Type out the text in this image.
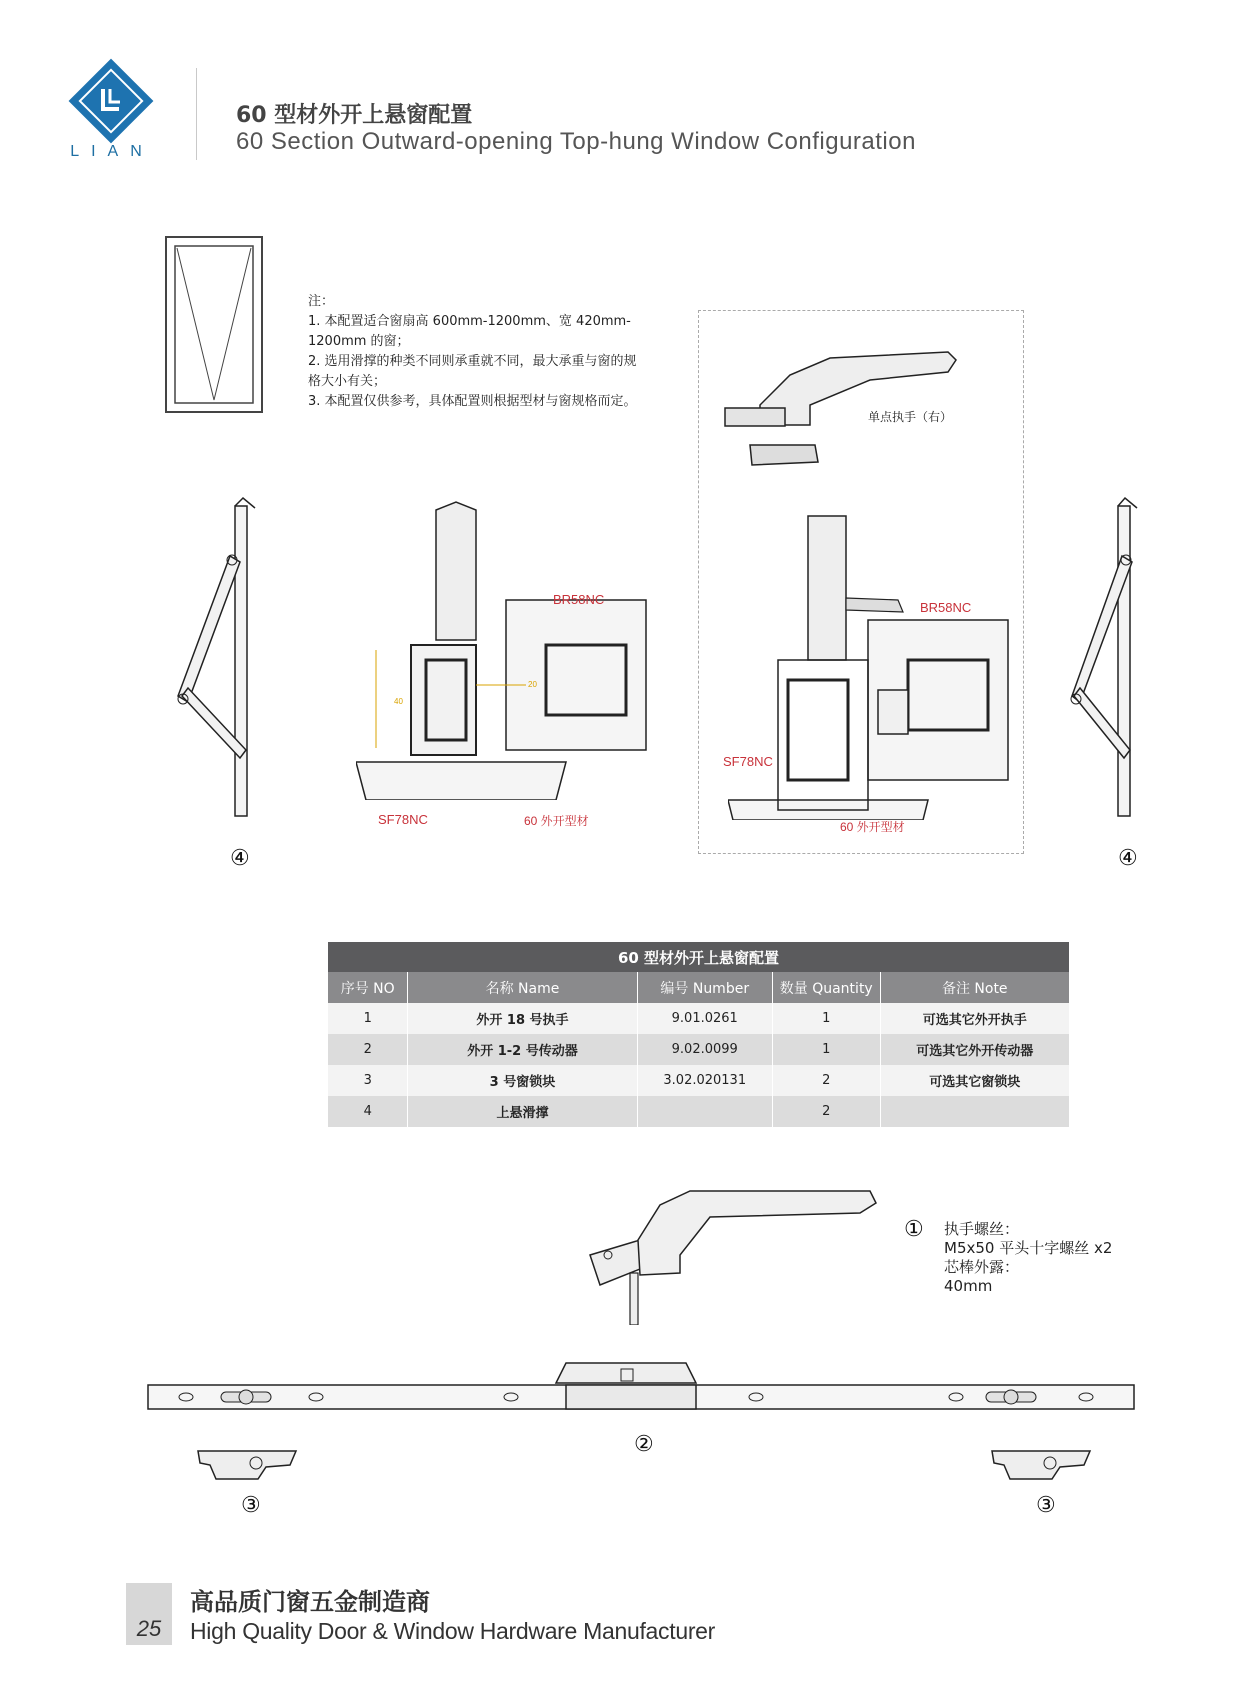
LIAN
60 型材外开上悬窗配置
60 Section Outward-opening Top-hung Window Configuration
注：
1. 本配置适合窗扇高 600mm-1200mm、宽 420mm-
1200mm 的窗；
2. 选用滑撑的种类不同则承重就不同，最大承重与窗的规
格大小有关；
3. 本配置仅供参考，具体配置则根据型材与窗规格而定。
单点执手（右）
④	④
BR58NC
SF78NC	60 外开型材
40
20
BR58NC
SF78NC
60 外开型材
60 型材外开上悬窗配置				
序号 NO	名称 Name	编号 Number	数量 Quantity	备注 Note
1	外开 18 号执手	9.01.0261	1	可选其它外开执手
2	外开 1-2 号传动器	9.02.0099	1	可选其它外开传动器
3	3 号窗锁块	3.02.020131	2	可选其它窗锁块
4	上悬滑撑		2	
① 执手螺丝：
M5x50 平头十字螺丝 x2
芯棒外露：
40mm
②
③	③
25
高品质门窗五金制造商
High Quality Door & Window Hardware Manufacturer
